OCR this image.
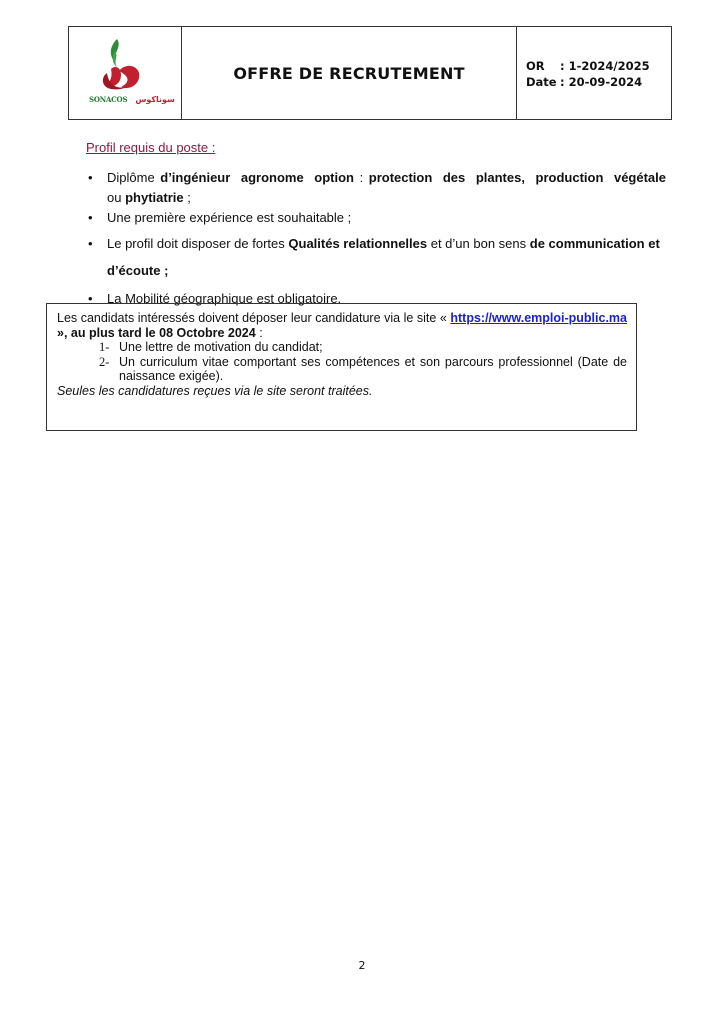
SONACOS سوناكوس
OFFRE DE RECRUTEMENT	OR	: 1-2024/2025
Date : 20-09-2024
Profil requis du poste :
• Diplôme d’ingénieur agronome option : protection des plantes, production végétale ou phytiatrie ;
• Une première expérience est souhaitable ;
• Le profil doit disposer de fortes Qualités relationnelles et d’un bon sens de communication et d’écoute ;
• La Mobilité géographique est obligatoire.

Les candidats intéressés doivent déposer leur candidature via le site « https://www.emploi-public.ma », au plus tard le 08 Octobre 2024 :

1- Une lettre de motivation du candidat;
2- Un curriculum vitae comportant ses compétences et son parcours professionnel (Date de naissance exigée).

Seules les candidatures reçues via le site seront traitées.

2
